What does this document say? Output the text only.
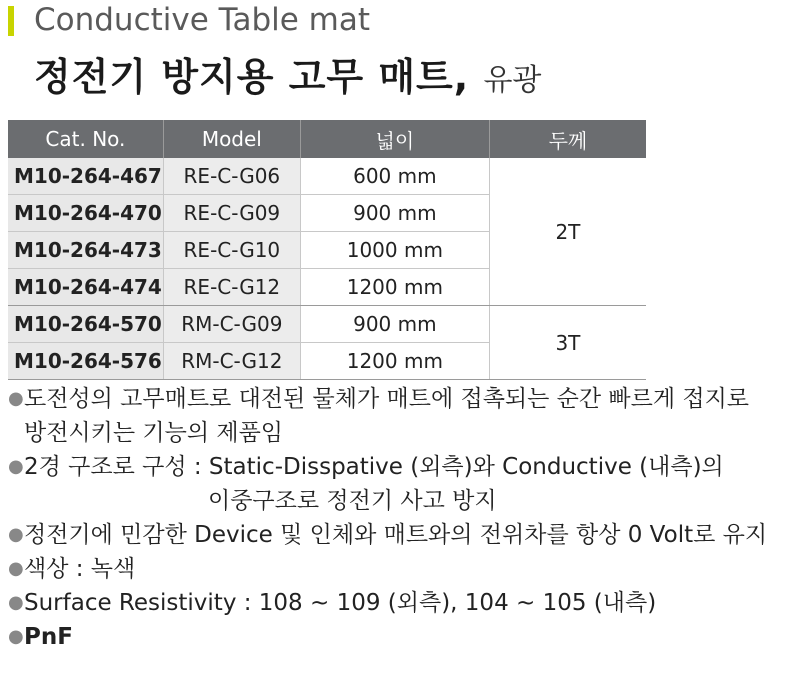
Conductive Table mat
정전기 방지용 고무 매트, 유광
Cat. No.	Model	넓이	두께
M10-264-467	RE-C-G06	600 mm	2T
M10-264-470	RE-C-G09	900 mm	
M10-264-473	RE-C-G10	1000 mm	
M10-264-474	RE-C-G12	1200 mm	
M10-264-570	RM-C-G09	900 mm	3T
M10-264-576	RM-C-G12	1200 mm	
● 도전성의 고무매트로 대전된 물체가 매트에 접촉되는 순간 빠르게 접지로
방전시키는 기능의 제품임
● 2경 구조로 구성 : Static-Disspative (외측)와 Conductive (내측)의
이중구조로 정전기 사고 방지
● 정전기에 민감한 Device 및 인체와 매트와의 전위차를 항상 0 Volt로 유지
● 색상 : 녹색
● Surface Resistivity : 108 ~ 109 (외측), 104 ~ 105 (내측)
● PnF
